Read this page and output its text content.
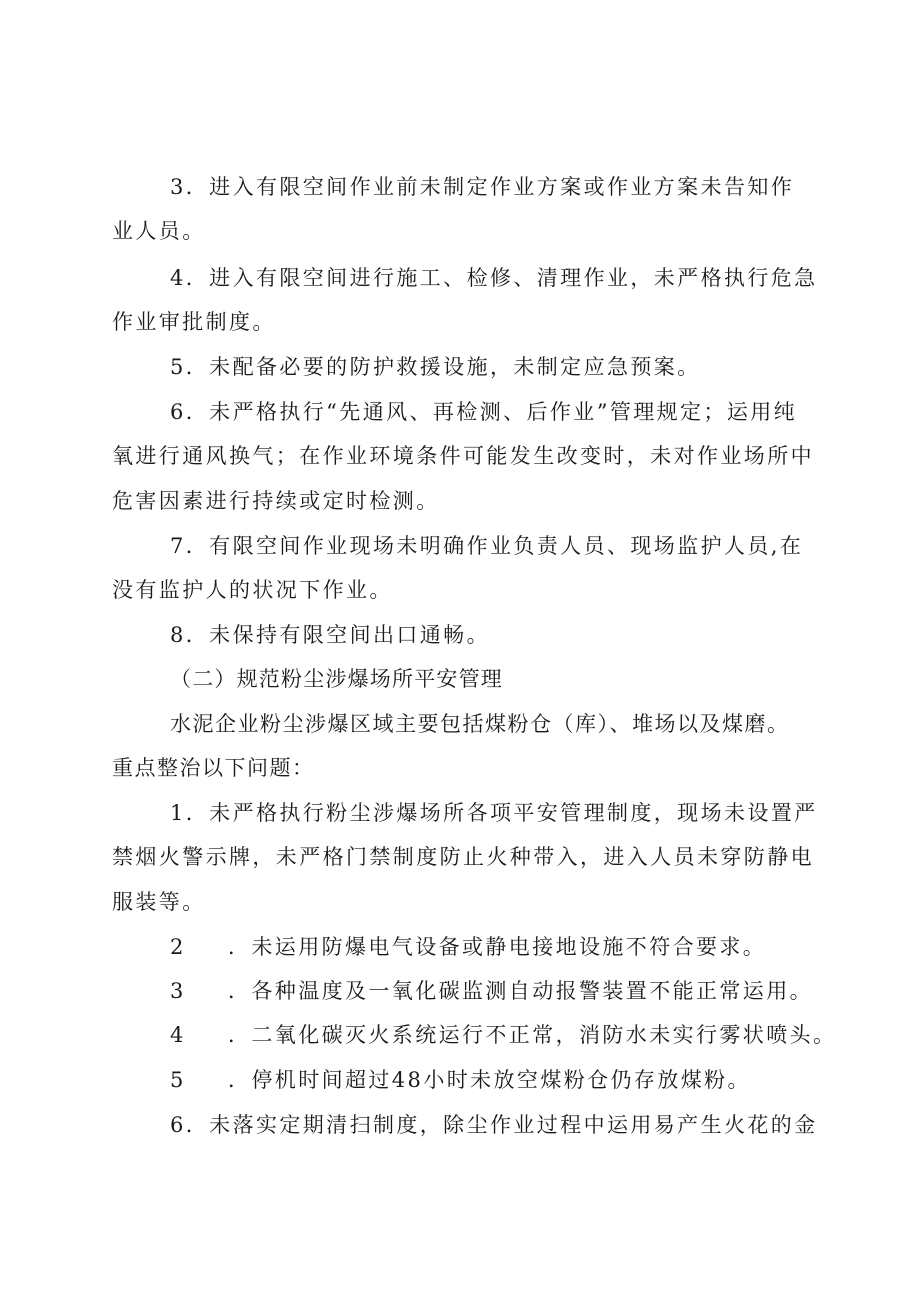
3．进入有限空间作业前未制定作业方案或作业方案未告知作
业人员。
4．进入有限空间进行施工、检修、清理作业，未严格执行危急
作业审批制度。
5．未配备必要的防护救援设施，未制定应急预案。
6．未严格执行“先通风、再检测、后作业”管理规定；运用纯
氧进行通风换气；在作业环境条件可能发生改变时，未对作业场所中
危害因素进行持续或定时检测。
7．有限空间作业现场未明确作业负责人员、现场监护人员,在
没有监护人的状况下作业。
8．未保持有限空间出口通畅。
（二）规范粉尘涉爆场所平安管理
水泥企业粉尘涉爆区域主要包括煤粉仓（库）、堆场以及煤磨。
重点整治以下问题：
1．未严格执行粉尘涉爆场所各项平安管理制度，现场未设置严
禁烟火警示牌，未严格门禁制度防止火种带入，进入人员未穿防静电
服装等。
2 ．未运用防爆电气设备或静电接地设施不符合要求。
3 ．各种温度及一氧化碳监测自动报警装置不能正常运用。
4 ．二氧化碳灭火系统运行不正常，消防水未实行雾状喷头。
5 ．停机时间超过48小时未放空煤粉仓仍存放煤粉。
6．未落实定期清扫制度，除尘作业过程中运用易产生火花的金
